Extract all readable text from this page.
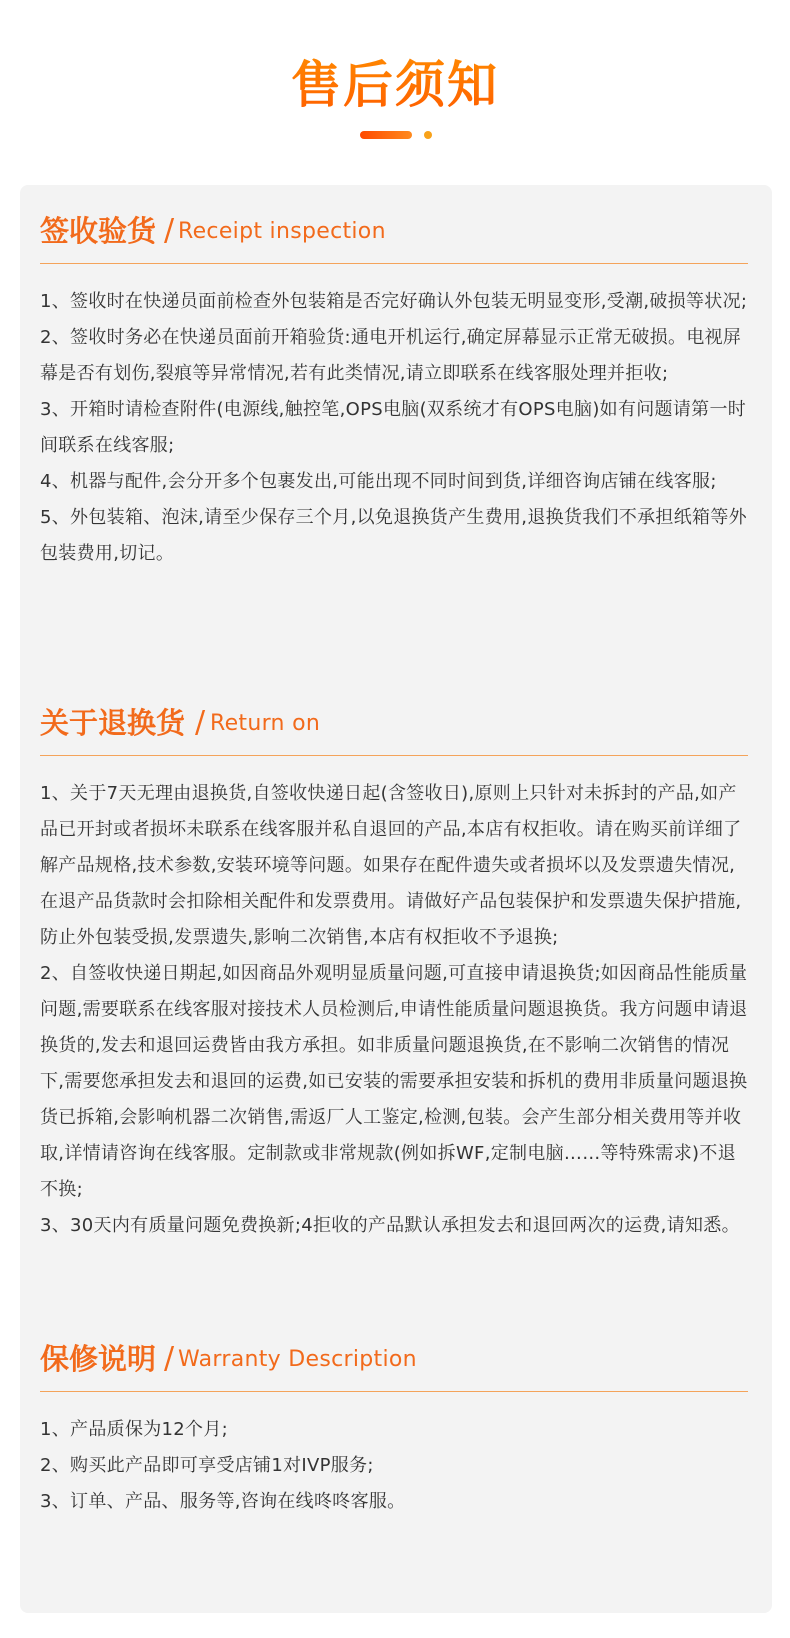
售后须知
签收验货 / Receipt inspection

1、签收时在快递员面前检查外包装箱是否完好确认外包装无明显变形,受潮,破损等状况;

2、签收时务必在快递员面前开箱验货:通电开机运行,确定屏幕显示正常无破损。电视屏幕是否有划伤,裂痕等异常情况,若有此类情况,请立即联系在线客服处理并拒收;

3、开箱时请检查附件(电源线,触控笔,OPS电脑(双系统才有OPS电脑)如有问题请第一时间联系在线客服;

4、机器与配件,会分开多个包裹发出,可能出现不同时间到货,详细咨询店铺在线客服;

5、外包装箱、泡沫,请至少保存三个月,以免退换货产生费用,退换货我们不承担纸箱等外包装费用,切记。

关于退换货 / Return on

1、关于7天无理由退换货,自签收快递日起(含签收日),原则上只针对未拆封的产品,如产品已开封或者损坏未联系在线客服并私自退回的产品,本店有权拒收。请在购买前详细了解产品规格,技术参数,安装环境等问题。如果存在配件遗失或者损坏以及发票遗失情况,在退产品货款时会扣除相关配件和发票费用。请做好产品包装保护和发票遗失保护措施,防止外包装受损,发票遗失,影响二次销售,本店有权拒收不予退换;

2、自签收快递日期起,如因商品外观明显质量问题,可直接申请退换货;如因商品性能质量问题,需要联系在线客服对接技术人员检测后,申请性能质量问题退换货。我方问题申请退换货的,发去和退回运费皆由我方承担。如非质量问题退换货,在不影响二次销售的情况下,需要您承担发去和退回的运费,如已安装的需要承担安装和拆机的费用非质量问题退换货已拆箱,会影响机器二次销售,需返厂人工鉴定,检测,包装。会产生部分相关费用等并收取,详情请咨询在线客服。定制款或非常规款(例如拆WF,定制电脑……等特殊需求)不退不换;

3、30天内有质量问题免费换新;4拒收的产品默认承担发去和退回两次的运费,请知悉。

保修说明 / Warranty Description

1、产品质保为12个月;

2、购买此产品即可享受店铺1对IVP服务;

3、订单、产品、服务等,咨询在线咚咚客服。
